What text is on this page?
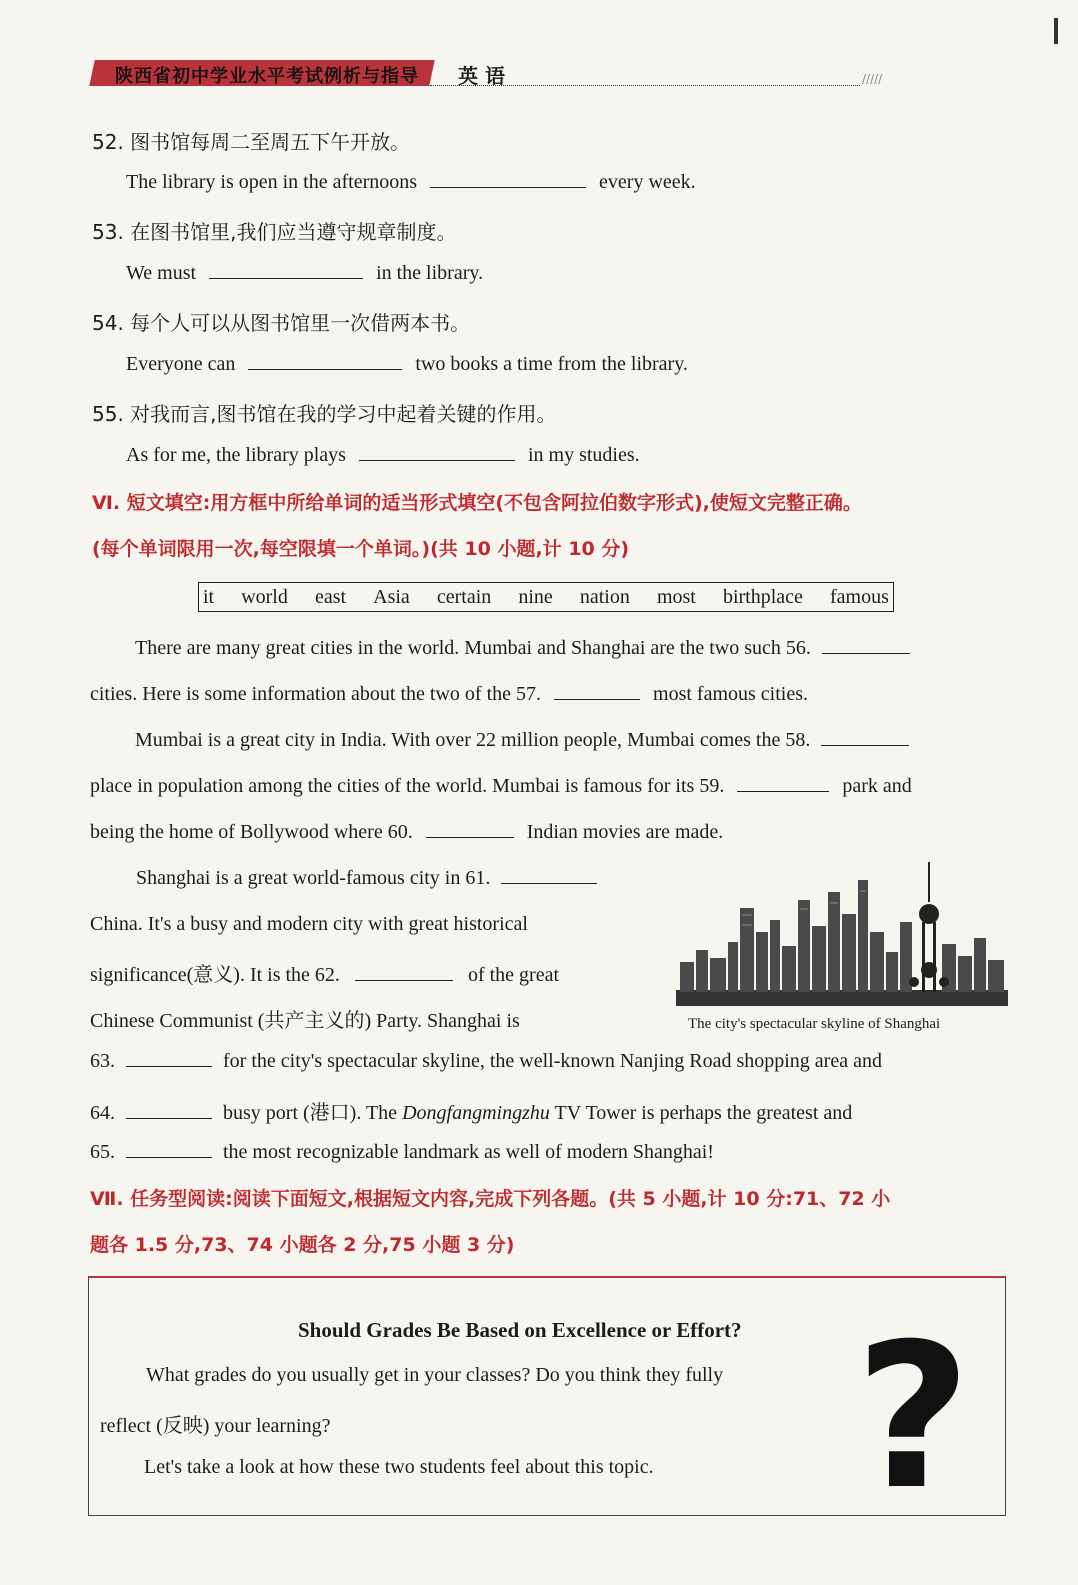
陕西省初中学业水平考试例析与指导 英 语	/////
52. 图书馆每周二至周五下午开放。
The library is open in the afternoons	every week.
53. 在图书馆里,我们应当遵守规章制度。
We must	in the library.
54. 每个人可以从图书馆里一次借两本书。
Everyone can	two books a time from the library.
55. 对我而言,图书馆在我的学习中起着关键的作用。
As for me, the library plays	in my studies.
Ⅵ. 短文填空:用方框中所给单词的适当形式填空(不包含阿拉伯数字形式),使短文完整正确。
(每个单词限用一次,每空限填一个单词。)(共 10 小题,计 10 分)
it world east Asia certain nine nation most birthplace famous
There are many great cities in the world. Mumbai and Shanghai are the two such 56.
cities. Here is some information about the two of the 57.	most famous cities.
Mumbai is a great city in India. With over 22 million people, Mumbai comes the 58.
place in population among the cities of the world. Mumbai is famous for its 59.	park and
being the home of Bollywood where 60.	Indian movies are made.
Shanghai is a great world-famous city in 61.
China. It's a busy and modern city with great historical
significance(意义). It is the 62.	of the great
Chinese Communist (共产主义的) Party. Shanghai is
63.	for the city's spectacular skyline, the well-known Nanjing Road shopping area and
64.	busy port (港口). The Dongfangmingzhu TV Tower is perhaps the greatest and
65.	the most recognizable landmark as well of modern Shanghai!
The city's spectacular skyline of Shanghai
Ⅶ. 任务型阅读:阅读下面短文,根据短文内容,完成下列各题。(共 5 小题,计 10 分:71、72 小
题各 1.5 分,73、74 小题各 2 分,75 小题 3 分)
Should Grades Be Based on Excellence or Effort?
What grades do you usually get in your classes? Do you think they fully
reflect (反映) your learning?
Let's take a look at how these two students feel about this topic. ?
